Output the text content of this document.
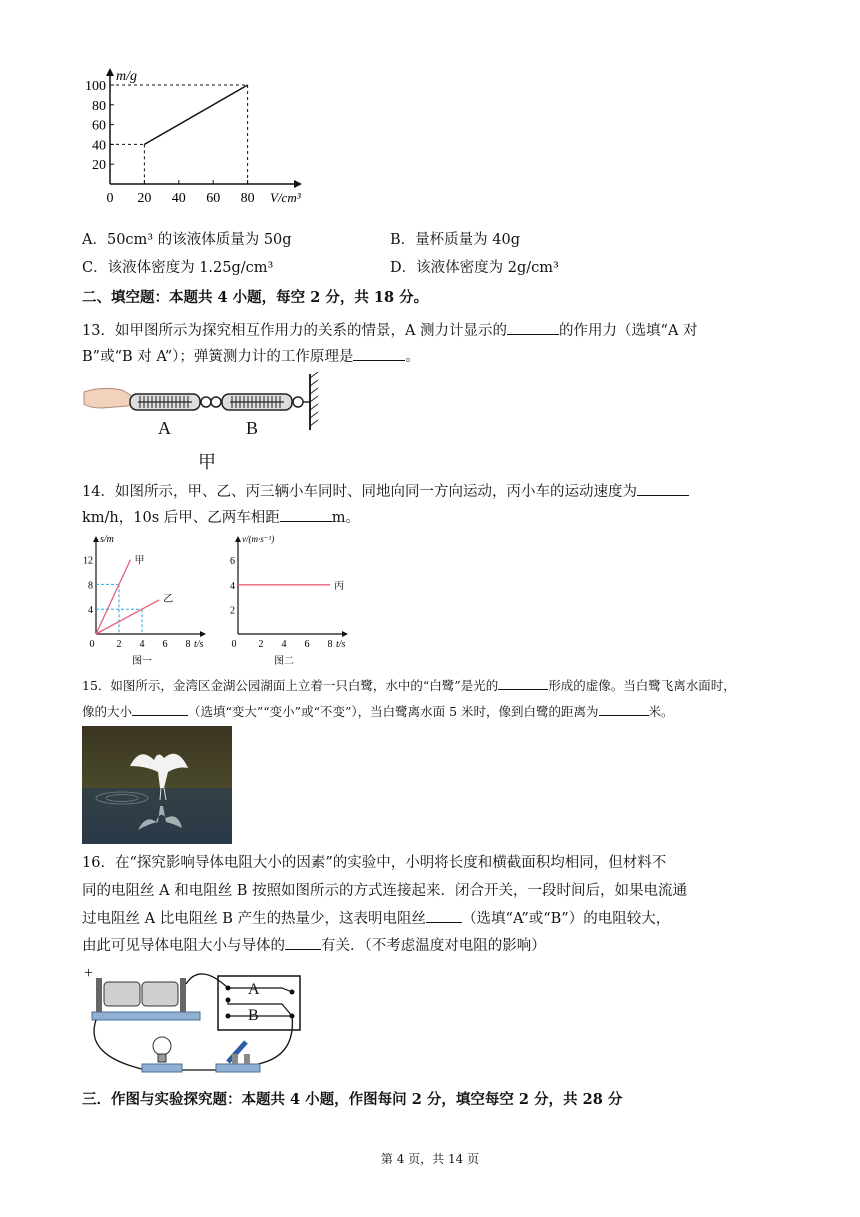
20
40
60
80
100
0 20 40 60 80
m/g
V/cm³
A．50cm³ 的该液体质量为 50g	B．量杯质量为 40g
C．该液体密度为 1.25g/cm³	D．该液体密度为 2g/cm³
二、填空题：本题共 4 小题，每空 2 分，共 18 分。
13．如甲图所示为探究相互作用力的关系的情景，A 测力计显示的	的作用力（选填“A 对
B”或“B 对 A”）；弹簧测力计的工作原理是	。
A	B
甲
14．如图所示，甲、乙、丙三辆小车同时、同地向同一方向运动，丙小车的运动速度为
km/h，10s 后甲、乙两车相距	m。
4
8
12
0 2 4 6 8
s/m
t/s
甲
乙
图一
2
4
6
0 2 4 6 8
v/(m·s⁻¹)
t/s
丙
图二
15．如图所示，金湾区金湖公园湖面上立着一只白鹭，水中的“白鹭”是光的	形成的虚像。当白鹭飞离水面时，
像的大小	（选填“变大”“变小”或“不变”），当白鹭离水面 5 米时，像到白鹭的距离为	米。
16．在“探究影响导体电阻大小的因素”的实验中，小明将长度和横截面积均相同，但材料不
同的电阻丝 A 和电阻丝 B 按照如图所示的方式连接起来．闭合开关，一段时间后，如果电流通
过电阻丝 A 比电阻丝 B 产生的热量少，这表明电阻丝 （选填“A”或“B”）的电阻较大，
由此可见导体电阻大小与导体的 有关．（不考虑温度对电阻的影响）
+
A
B
三．作图与实验探究题：本题共 4 小题，作图每问 2 分，填空每空 2 分，共 28 分
第 4 页，共 14 页
